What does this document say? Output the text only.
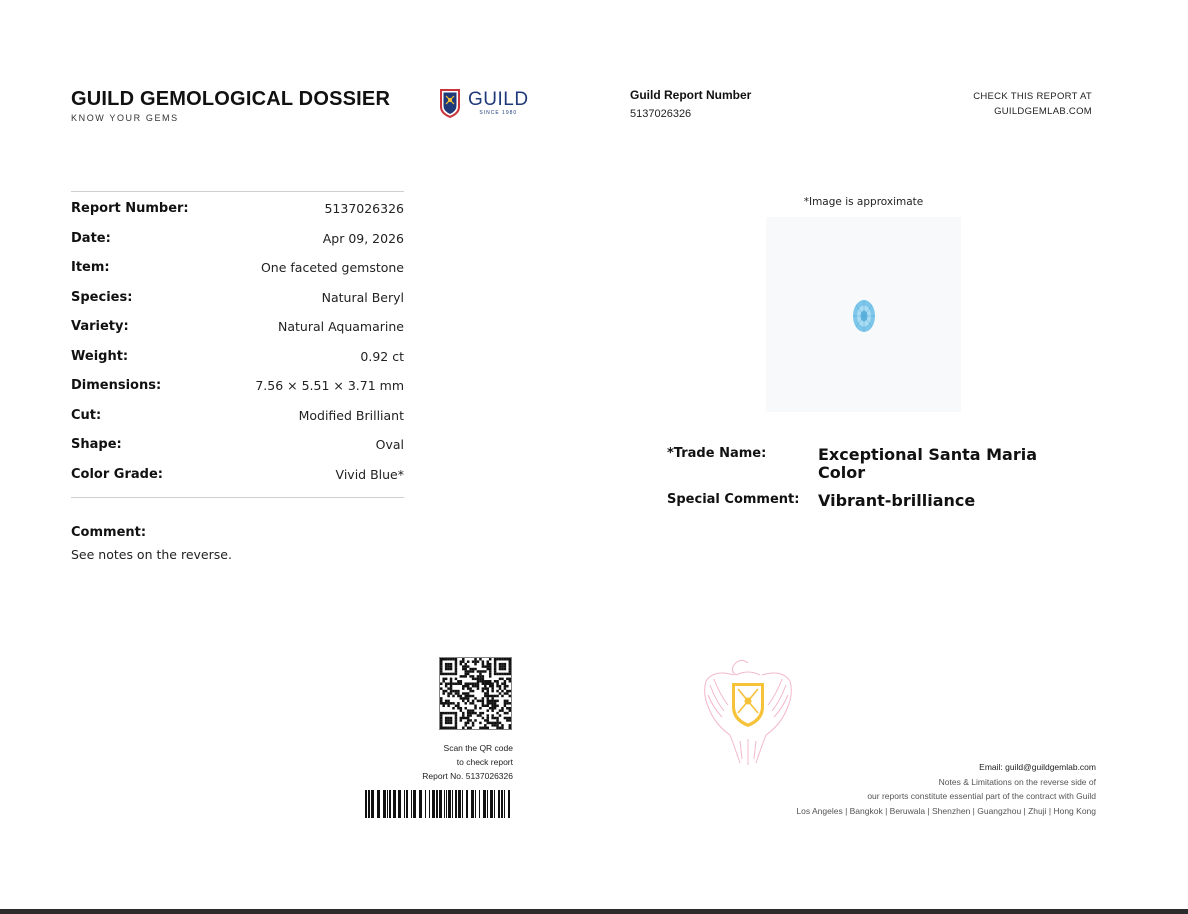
GUILD GEMOLOGICAL DOSSIER
KNOW YOUR GEMS
GUILD
SINCE 1980
Guild Report Number
5137026326
CHECK THIS REPORT AT
GUILDGEMLAB.COM
Report Number:	5137026326
Date:	Apr 09, 2026
Item:	One faceted gemstone
Species:	Natural Beryl
Variety:	Natural Aquamarine
Weight:	0.92 ct
Dimensions:	7.56 × 5.51 × 3.71 mm
Cut:	Modified Brilliant
Shape:	Oval
Color Grade:	Vivid Blue*
Comment:
See notes on the reverse.
*Image is approximate
*Trade Name:	Exceptional Santa Maria Color
Special Comment: Vibrant-brilliance
Scan the QR code
to check report
Report No. 5137026326
Email: guild@guildgemlab.com
Notes & Limitations on the reverse side of
our reports constitute essential part of the contract with Guild
Los Angeles | Bangkok | Beruwala | Shenzhen | Guangzhou | Zhuji | Hong Kong
